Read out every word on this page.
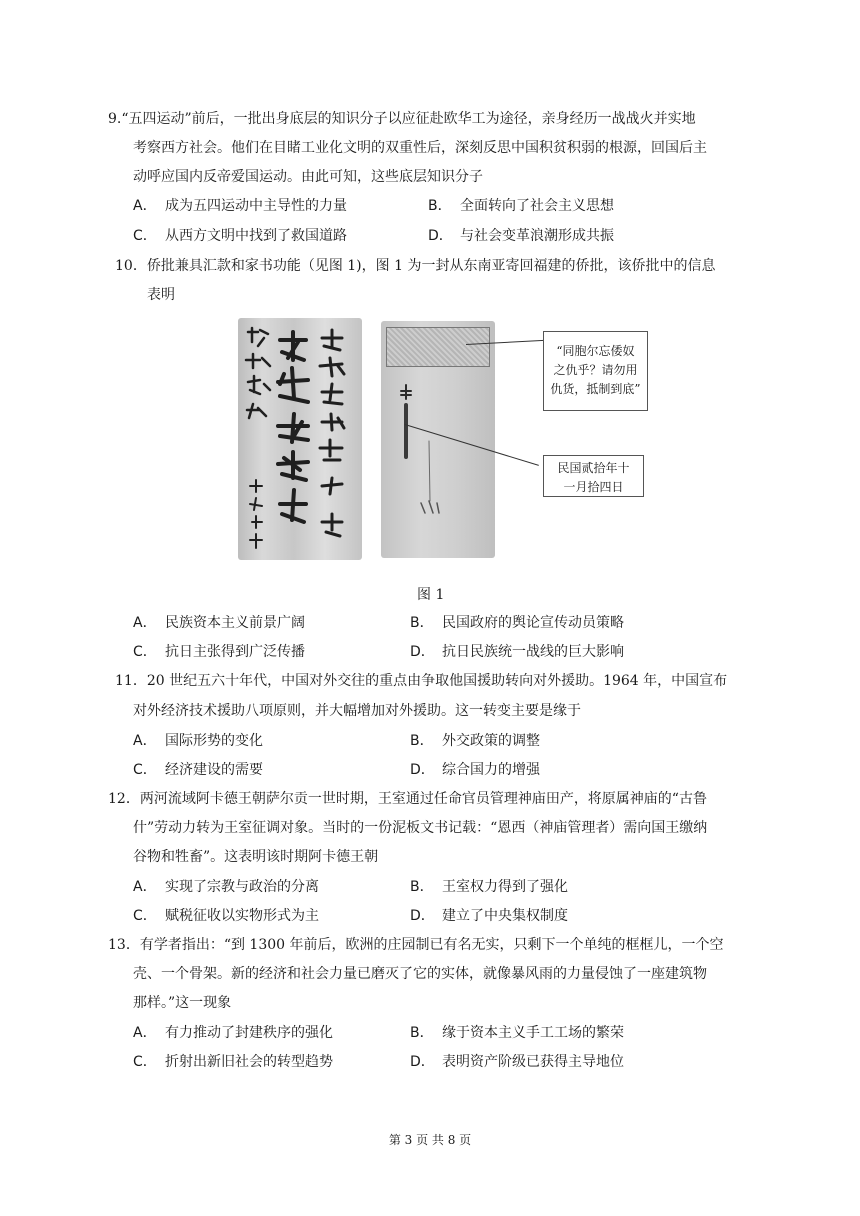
9.“五四运动”前后，一批出身底层的知识分子以应征赴欧华工为途径，亲身经历一战战火并实地
考察西方社会。他们在目睹工业化文明的双重性后，深刻反思中国积贫积弱的根源，回国后主
动呼应国内反帝爱国运动。由此可知，这些底层知识分子
A． 成为五四运动中主导性的力量	B． 全面转向了社会主义思想
C． 从西方文明中找到了救国道路	D． 与社会变革浪潮形成共振
10．侨批兼具汇款和家书功能（见图 1)，图 1 为一封从东南亚寄回福建的侨批，该侨批中的信息
表明
“同胞尔忘倭奴
之仇乎？请勿用
仇货，抵制到底”
民国贰拾年十
一月拾四日
图 1
A． 民族资本主义前景广阔	B． 民国政府的舆论宣传动员策略
C． 抗日主张得到广泛传播	D． 抗日民族统一战线的巨大影响
11．20 世纪五六十年代，中国对外交往的重点由争取他国援助转向对外援助。1964 年，中国宣布
对外经济技术援助八项原则，并大幅增加对外援助。这一转变主要是缘于
A． 国际形势的变化	B． 外交政策的调整
C． 经济建设的需要	D． 综合国力的增强
12．两河流域阿卡德王朝萨尔贡一世时期，王室通过任命官员管理神庙田产，将原属神庙的“古鲁
什”劳动力转为王室征调对象。当时的一份泥板文书记载：“恩西（神庙管理者）需向国王缴纳
谷物和牲畜”。这表明该时期阿卡德王朝
A． 实现了宗教与政治的分离	B． 王室权力得到了强化
C． 赋税征收以实物形式为主	D． 建立了中央集权制度
13．有学者指出：“到 1300 年前后，欧洲的庄园制已有名无实，只剩下一个单纯的框框儿，一个空
壳、一个骨架。新的经济和社会力量已磨灭了它的实体，就像暴风雨的力量侵蚀了一座建筑物
那样。”这一现象
A． 有力推动了封建秩序的强化	B． 缘于资本主义手工工场的繁荣
C． 折射出新旧社会的转型趋势	D． 表明资产阶级已获得主导地位
第 3 页 共 8 页
